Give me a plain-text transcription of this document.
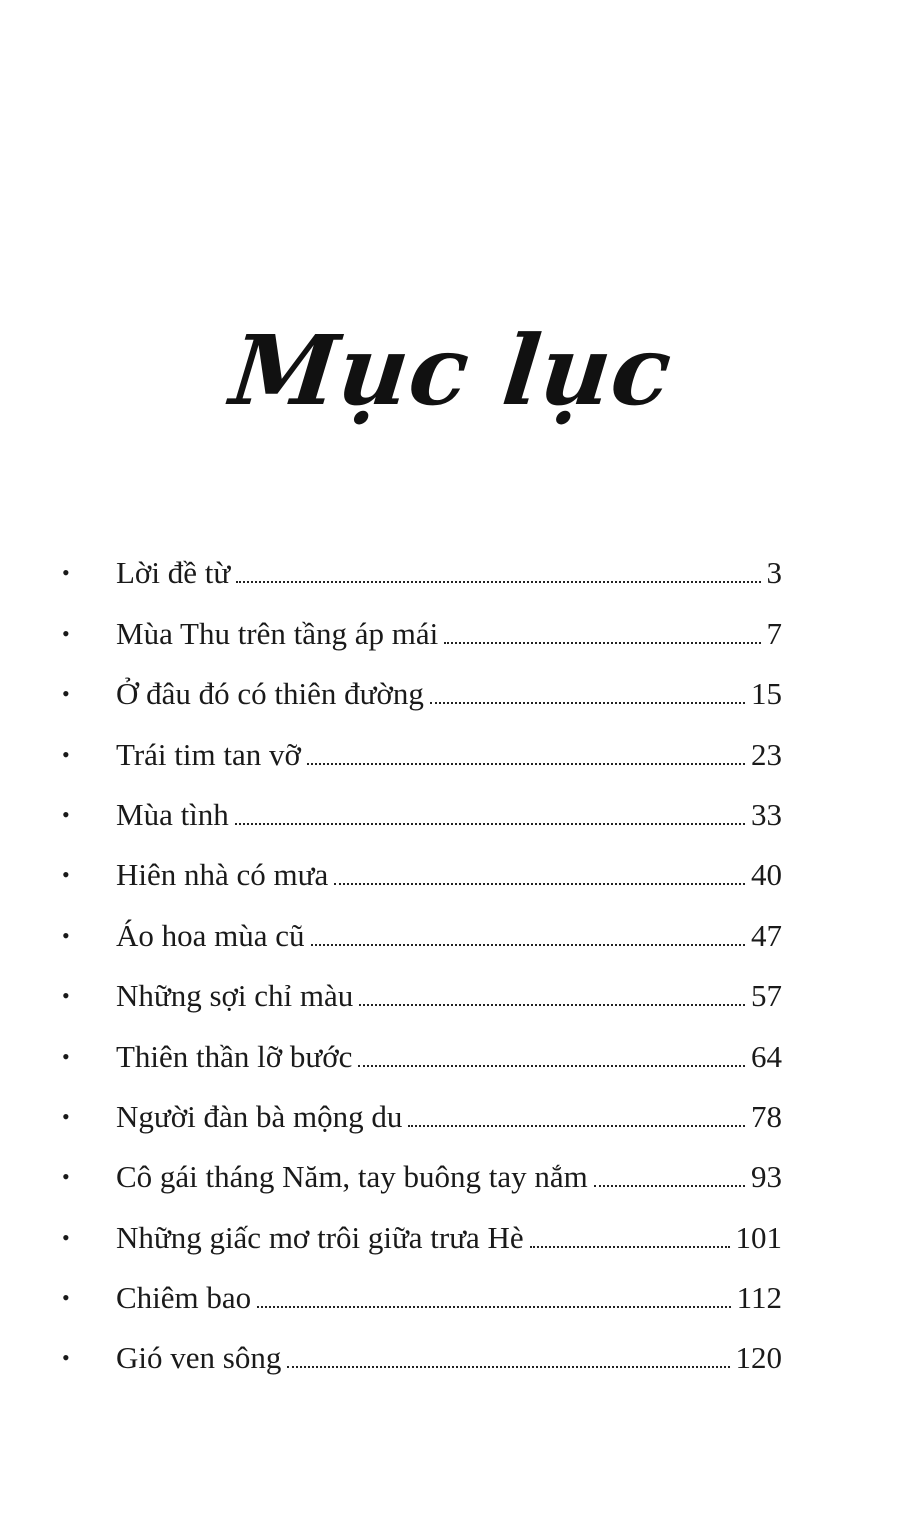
Mục lục
•	Lời đề từ	3
•	Mùa Thu trên tầng áp mái	7
•	Ở đâu đó có thiên đường	15
•	Trái tim tan vỡ	23
•	Mùa tình	33
•	Hiên nhà có mưa	40
•	Áo hoa mùa cũ	47
•	Những sợi chỉ màu	57
•	Thiên thần lỡ bước	64
•	Người đàn bà mộng du	78
•	Cô gái tháng Năm, tay buông tay nắm	93
•	Những giấc mơ trôi giữa trưa Hè	101
•	Chiêm bao	112
•	Gió ven sông	120
